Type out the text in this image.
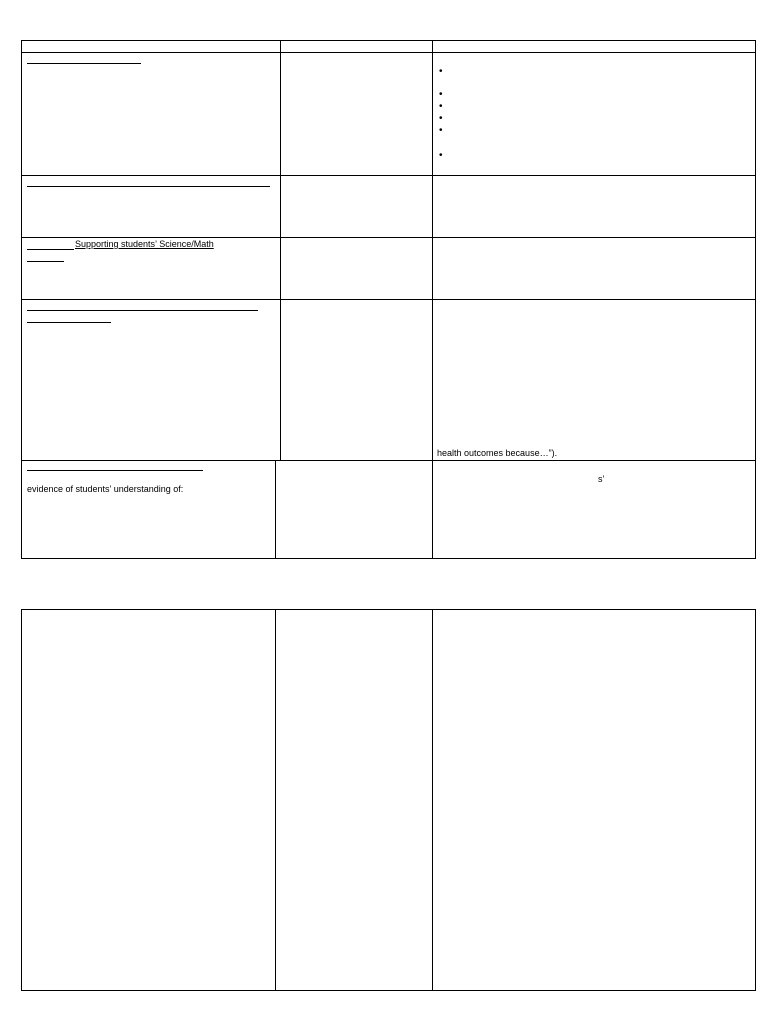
•
•
•
•
•
•
Supporting students’ Science/Math
health outcomes because…”).
evidence of students’ understanding of:
s’
